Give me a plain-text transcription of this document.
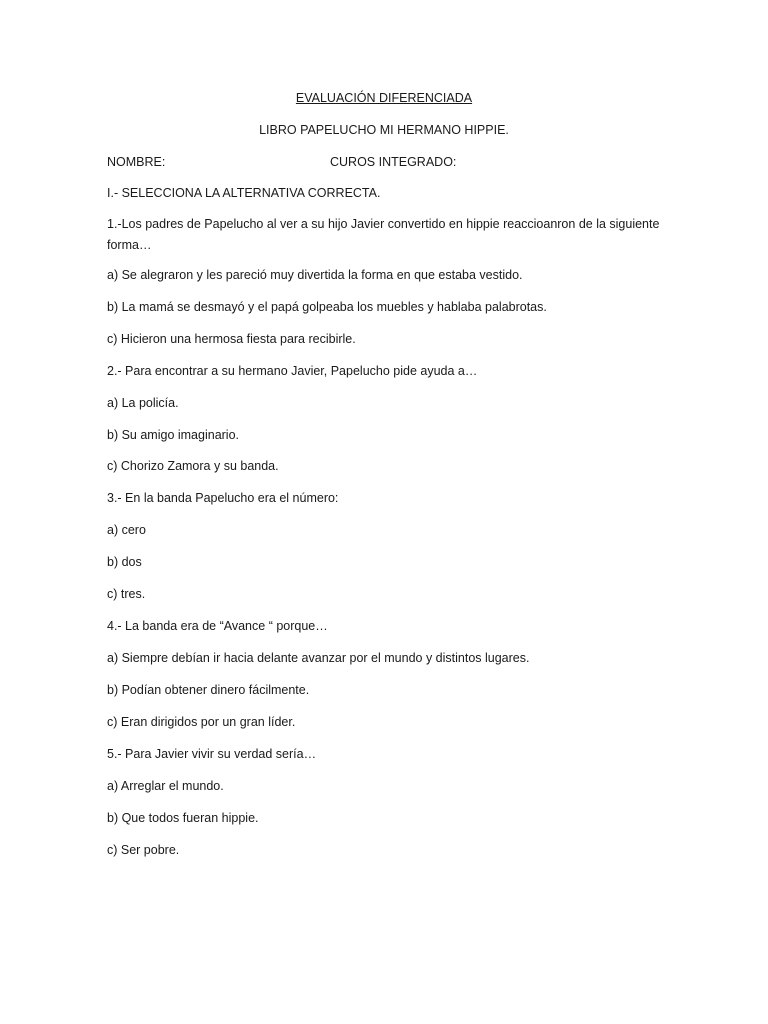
EVALUACIÓN DIFERENCIADA
LIBRO PAPELUCHO MI HERMANO HIPPIE.
NOMBRE:	CUROS INTEGRADO:
I.- SELECCIONA LA ALTERNATIVA CORRECTA.
1.-Los padres de Papelucho al ver a su hijo Javier convertido en hippie reaccioanron de la siguiente forma…
a) Se alegraron y les pareció muy divertida la forma en que estaba vestido.
b) La mamá se desmayó y el papá golpeaba los muebles y hablaba palabrotas.
c) Hicieron una hermosa fiesta para recibirle.
2.- Para encontrar a su hermano Javier, Papelucho pide ayuda a…
a) La policía.
b) Su amigo imaginario.
c) Chorizo Zamora y su banda.
3.- En la banda Papelucho era el número:
a) cero
b) dos
c) tres.
4.- La banda era de “Avance “ porque…
a) Siempre debían ir hacia delante avanzar por el mundo y distintos lugares.
b) Podían obtener dinero fácilmente.
c) Eran dirigidos por un gran líder.
5.- Para Javier vivir su verdad sería…
a) Arreglar el mundo.
b) Que todos fueran hippie.
c) Ser pobre.
